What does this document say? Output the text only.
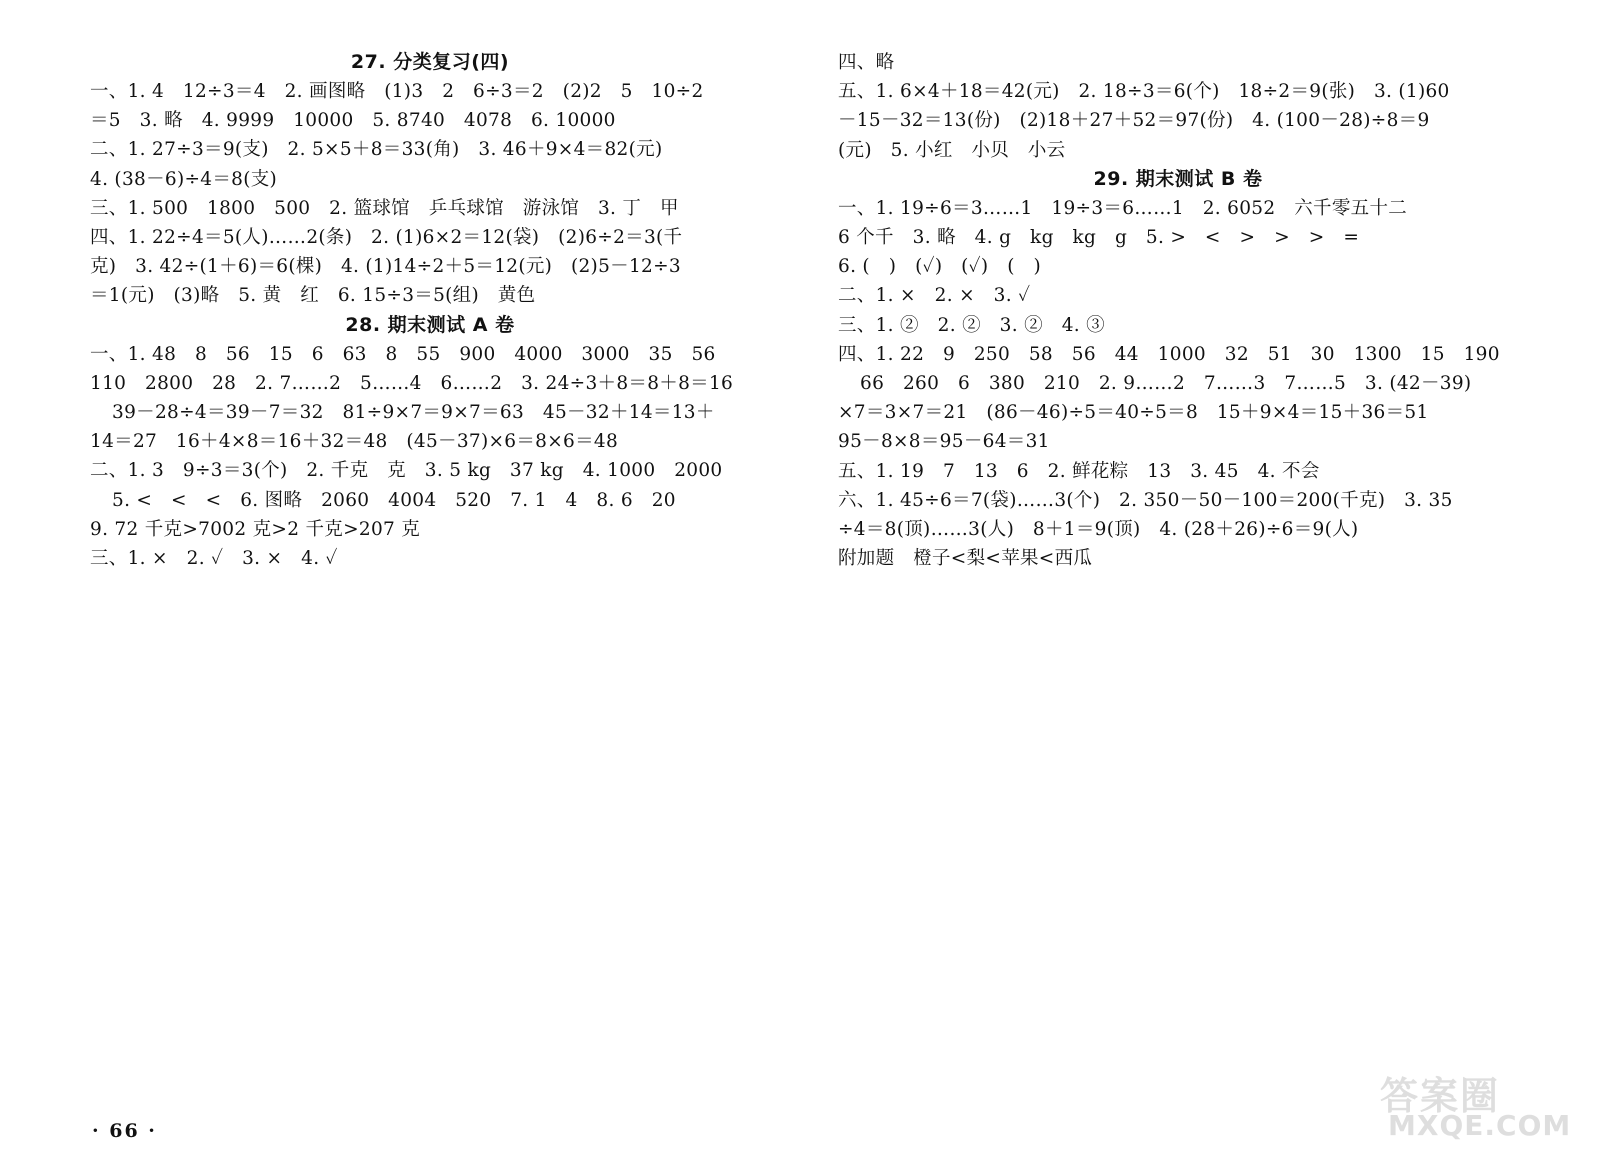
27. 分类复习(四)
一、1. 4　12÷3＝4　2. 画图略　(1)3　2　6÷3＝2　(2)2　5　10÷2
＝5　3. 略　4. 9999　10000　5. 8740　4078　6. 10000
二、1. 27÷3＝9(支)　2. 5×5＋8＝33(角)　3. 46＋9×4＝82(元)
4. (38－6)÷4＝8(支)
三、1. 500　1800　500　2. 篮球馆　乒乓球馆　游泳馆　3. 丁　甲
四、1. 22÷4＝5(人)……2(条)　2. (1)6×2＝12(袋)　(2)6÷2＝3(千
克)　3. 42÷(1＋6)＝6(棵)　4. (1)14÷2＋5＝12(元)　(2)5－12÷3
＝1(元)　(3)略　5. 黄　红　6. 15÷3＝5(组)　黄色
28. 期末测试 A 卷
一、1. 48　8　56　15　6　63　8　55　900　4000　3000　35　56
110　2800　28　2. 7……2　5……4　6……2　3. 24÷3＋8＝8＋8＝16
39－28÷4＝39－7＝32　81÷9×7＝9×7＝63　45－32＋14＝13＋
14＝27　16＋4×8＝16＋32＝48　(45－37)×6＝8×6＝48
二、1. 3　9÷3＝3(个)　2. 千克　克　3. 5 kg　37 kg　4. 1000　2000
5. <　<　<　6. 图略　2060　4004　520　7. 1　4　8. 6　20
9. 72 千克>7002 克>2 千克>207 克
三、1. ×　2. ✓　3. ×　4. ✓
四、略
五、1. 6×4＋18＝42(元)　2. 18÷3＝6(个)　18÷2＝9(张)　3. (1)60
－15－32＝13(份)　(2)18＋27＋52＝97(份)　4. (100－28)÷8＝9
(元)　5. 小红　小贝　小云
29. 期末测试 B 卷
一、1. 19÷6＝3……1　19÷3＝6……1　2. 6052　六千零五十二
6 个千　3. 略　4. g　kg　kg　g　5. >　<　>　>　>　=
6. (　)　(✓)　(✓)　(　)
二、1. ×　2. ×　3. ✓
三、1. ②　2. ②　3. ②　4. ③
四、1. 22　9　250　58　56　44　1000　32　51　30　1300　15　190
66　260　6　380　210　2. 9……2　7……3　7……5　3. (42－39)
×7＝3×7＝21　(86－46)÷5＝40÷5＝8　15＋9×4＝15＋36＝51
95－8×8＝95－64＝31
五、1. 19　7　13　6　2. 鲜花粽　13　3. 45　4. 不会
六、1. 45÷6＝7(袋)……3(个)　2. 350－50－100＝200(千克)　3. 35
÷4＝8(顶)……3(人)　8＋1＝9(顶)　4. (28＋26)÷6＝9(人)
附加题　橙子<梨<苹果<西瓜
· 66 ·
答案圈
MXQE.COM
